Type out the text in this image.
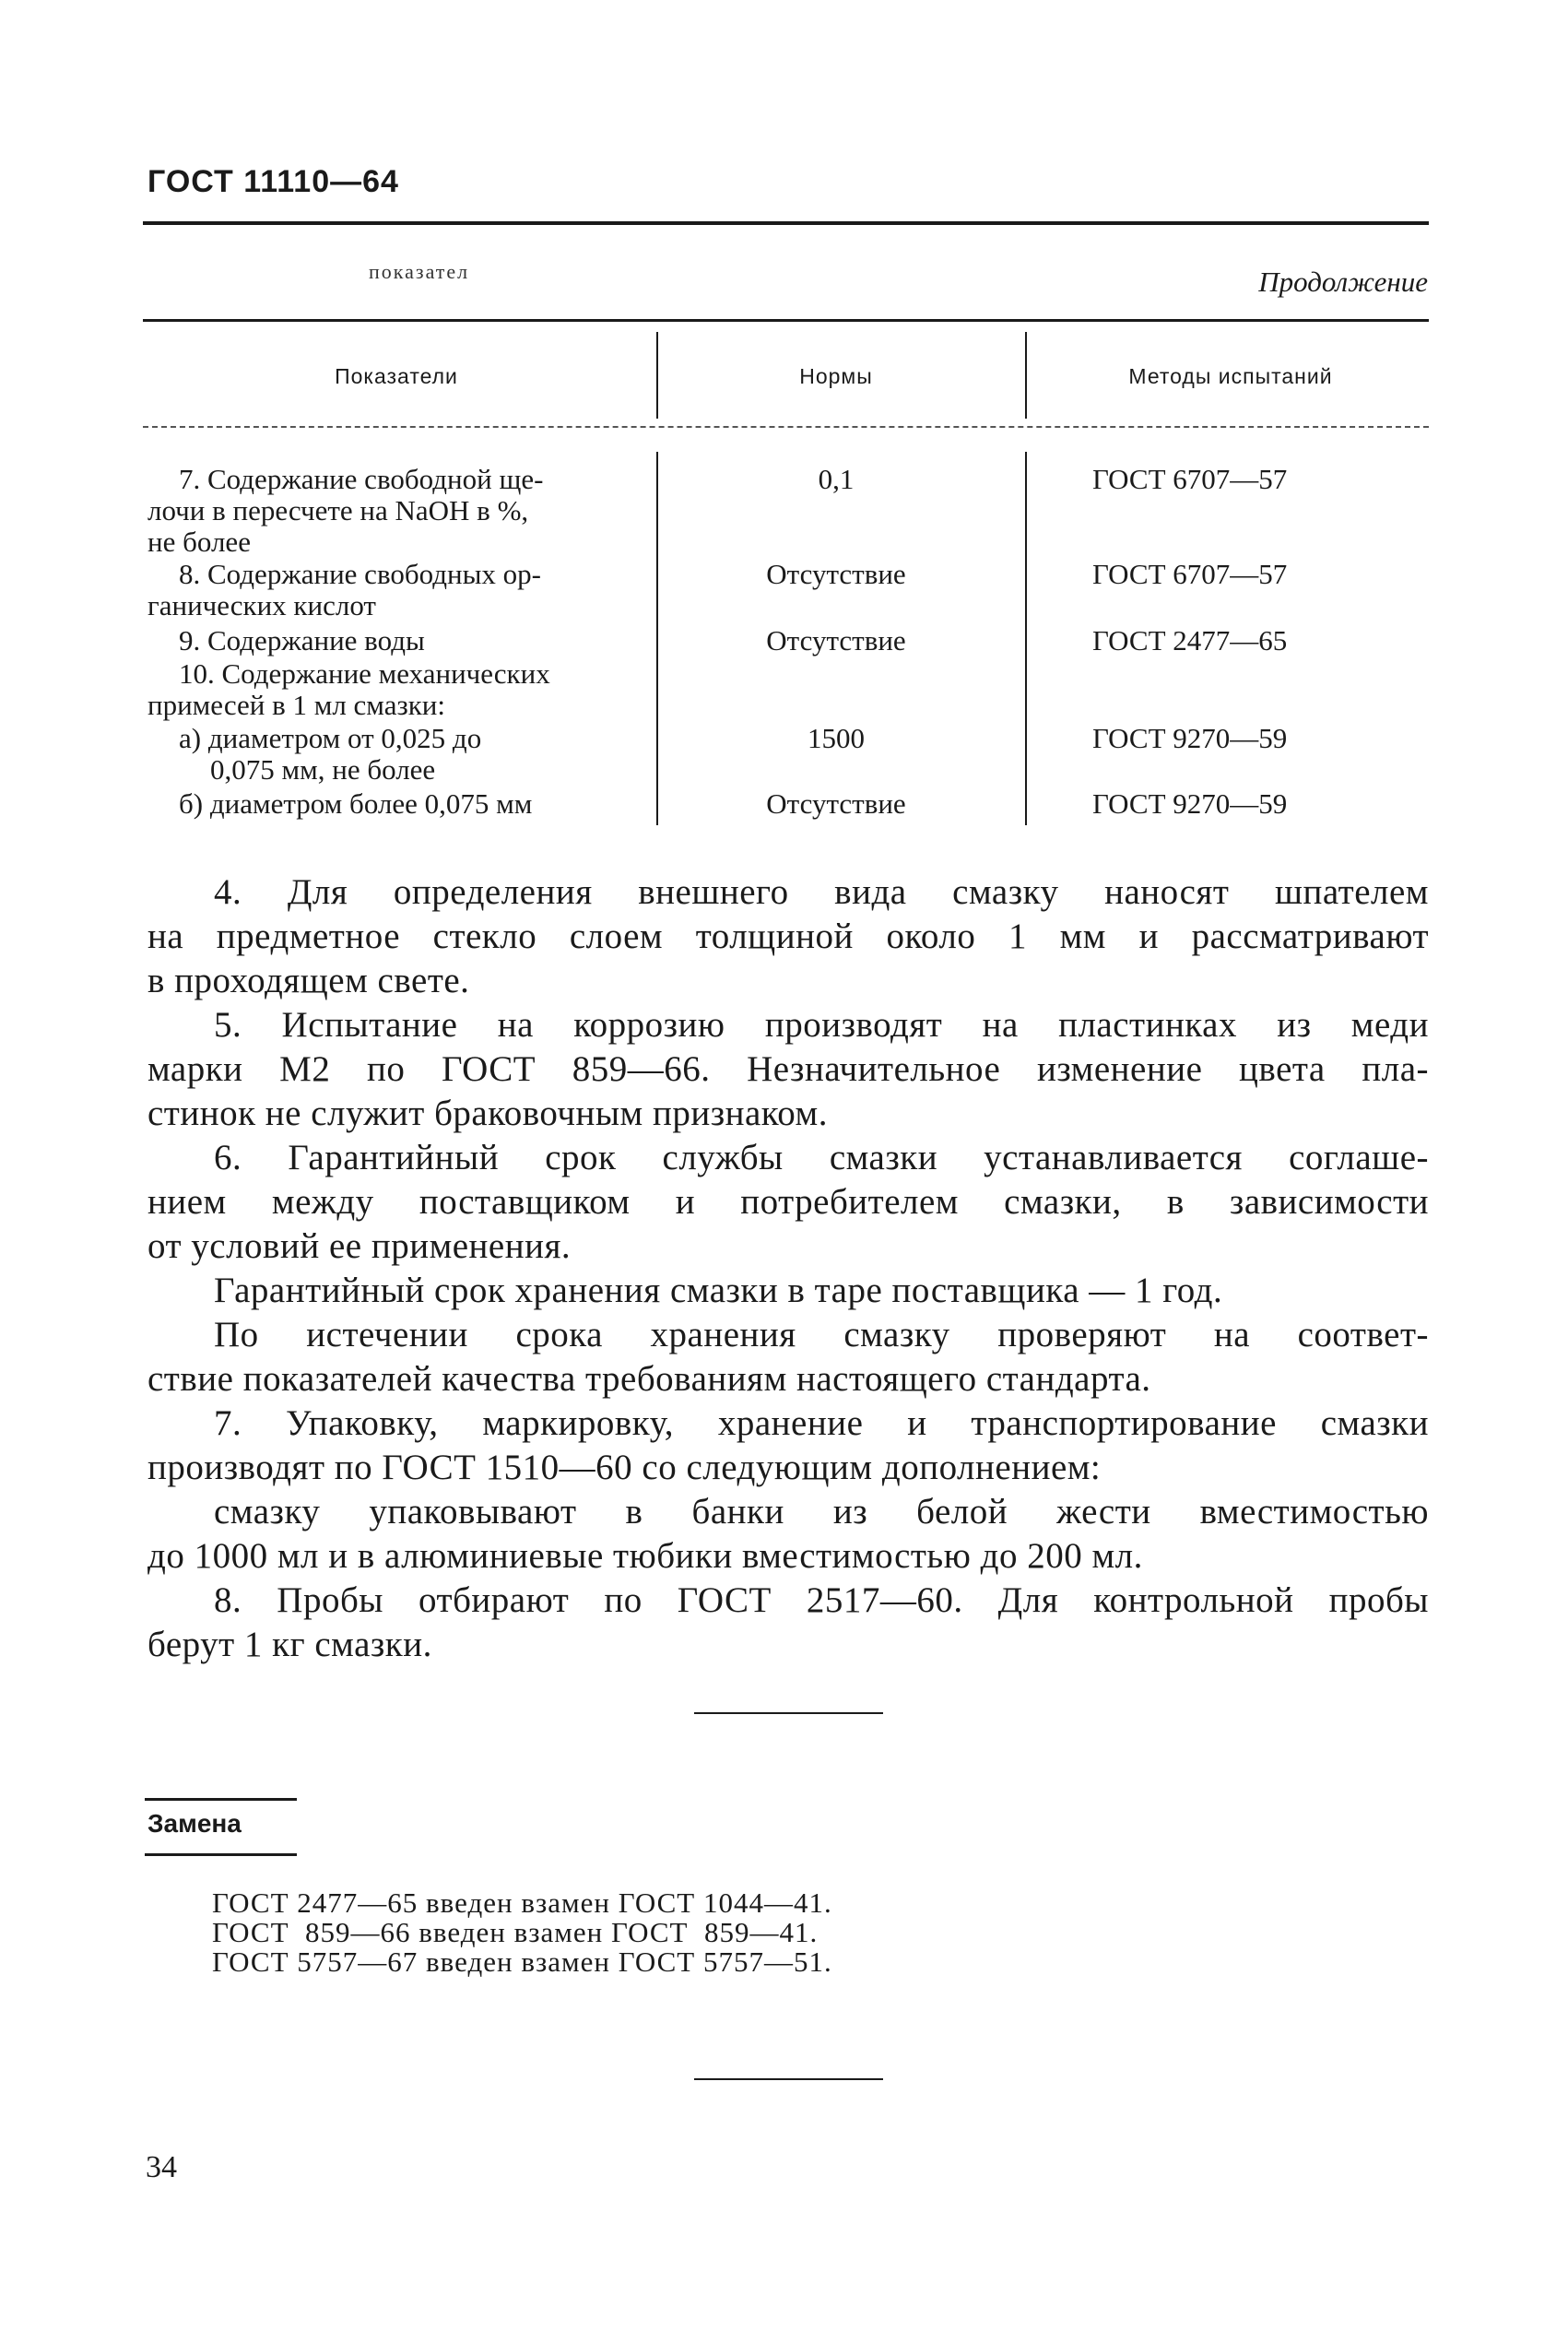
ГОСТ 11110—64
показател	Продолжение
Показатели	Нормы	Методы испытаний
7. Содержание свободной ще-
лочи в пересчете на NaOH в %,
не более
0,1	ГОСТ 6707—57
8. Содержание свободных ор-
ганических кислот
Отсутствие	ГОСТ 6707—57
9. Содержание воды	Отсутствие	ГОСТ 2477—65
10. Содержание механических
примесей в 1 мл смазки:
а) диаметром от 0,025 до
0,075 мм, не более
1500	ГОСТ 9270—59
б) диаметром более 0,075 мм	Отсутствие	ГОСТ 9270—59
4. Для определения внешнего вида смазку наносят шпателем
на предметное стекло слоем толщиной около 1 мм и рассматривают
в проходящем свете.
5. Испытание на коррозию производят на пластинках из меди
марки М2 по ГОСТ 859—66. Незначительное изменение цвета пла-
стинок не служит браковочным признаком.
6. Гарантийный срок службы смазки устанавливается соглаше-
нием между поставщиком и потребителем смазки, в зависимости
от условий ее применения.
Гарантийный срок хранения смазки в таре поставщика — 1 год.
По истечении срока хранения смазку проверяют на соответ-
ствие показателей качества требованиям настоящего стандарта.
7. Упаковку, маркировку, хранение и транспортирование смазки
производят по ГОСТ 1510—60 со следующим дополнением:
смазку упаковывают в банки из белой жести вместимостью
до 1000 мл и в алюминиевые тюбики вместимостью до 200 мл.
8. Пробы отбирают по ГОСТ 2517—60. Для контрольной пробы
берут 1 кг смазки.
Замена
ГОСТ 2477—65 введен взамен ГОСТ 1044—41.
ГОСТ  859—66 введен взамен ГОСТ  859—41.
ГОСТ 5757—67 введен взамен ГОСТ 5757—51.
34
